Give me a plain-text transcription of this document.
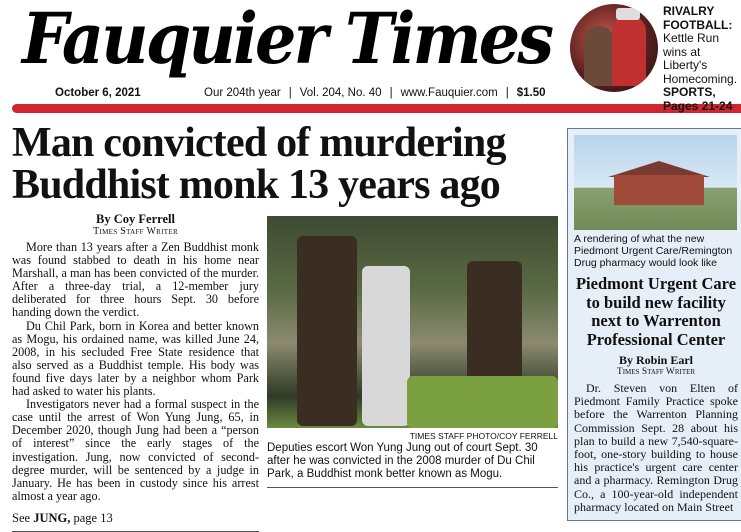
Fauquier Times
October 6, 2021	Our 204th year | Vol. 204, No. 40 | www.Fauquier.com | $1.50
RIVALRY FOOTBALL:
Kettle Run wins at Liberty's Homecoming.
SPORTS,
Pages 21-24
Man convicted of murdering Buddhist monk 13 years ago
By Coy Ferrell
Times Staff Writer

More than 13 years after a Zen Buddhist monk was found stabbed to death in his home near Marshall, a man has been convicted of the murder. After a three-day trial, a 12-member jury deliberated for three hours Sept. 30 before handing down the verdict.

Du Chil Park, born in Korea and better known as Mogu, his ordained name, was killed June 24, 2008, in his secluded Free State residence that also served as a Buddhist temple. His body was found five days later by a neighbor whom Park had asked to water his plants.

Investigators never had a formal suspect in the case until the arrest of Won Yung Jung, 65, in December 2020, though Jung had been a “person of interest” since the early stages of the investigation. Jung, now convicted of second-degree murder, will be sentenced by a judge in January. He has been in custody since his arrest almost a year ago.

See JUNG, page 13
TIMES STAFF PHOTO/COY FERRELL
Deputies escort Won Yung Jung out of court Sept. 30 after he was convicted in the 2008 murder of Du Chil Park, a Buddhist monk better known as Mogu.
A rendering of what the new Piedmont Urgent Care/Remington Drug pharmacy would look like
Piedmont Urgent Care to build new facility next to Warrenton Professional Center
By Robin Earl
Times Staff Writer
Dr. Steven von Elten of Piedmont Family Practice spoke before the Warrenton Planning Commission Sept. 28 about his plan to build a new 7,540-square-foot, one-story building to house his practice's urgent care center and a pharmacy. Remington Drug Co., a 100-year-old independent pharmacy located on Main Street
